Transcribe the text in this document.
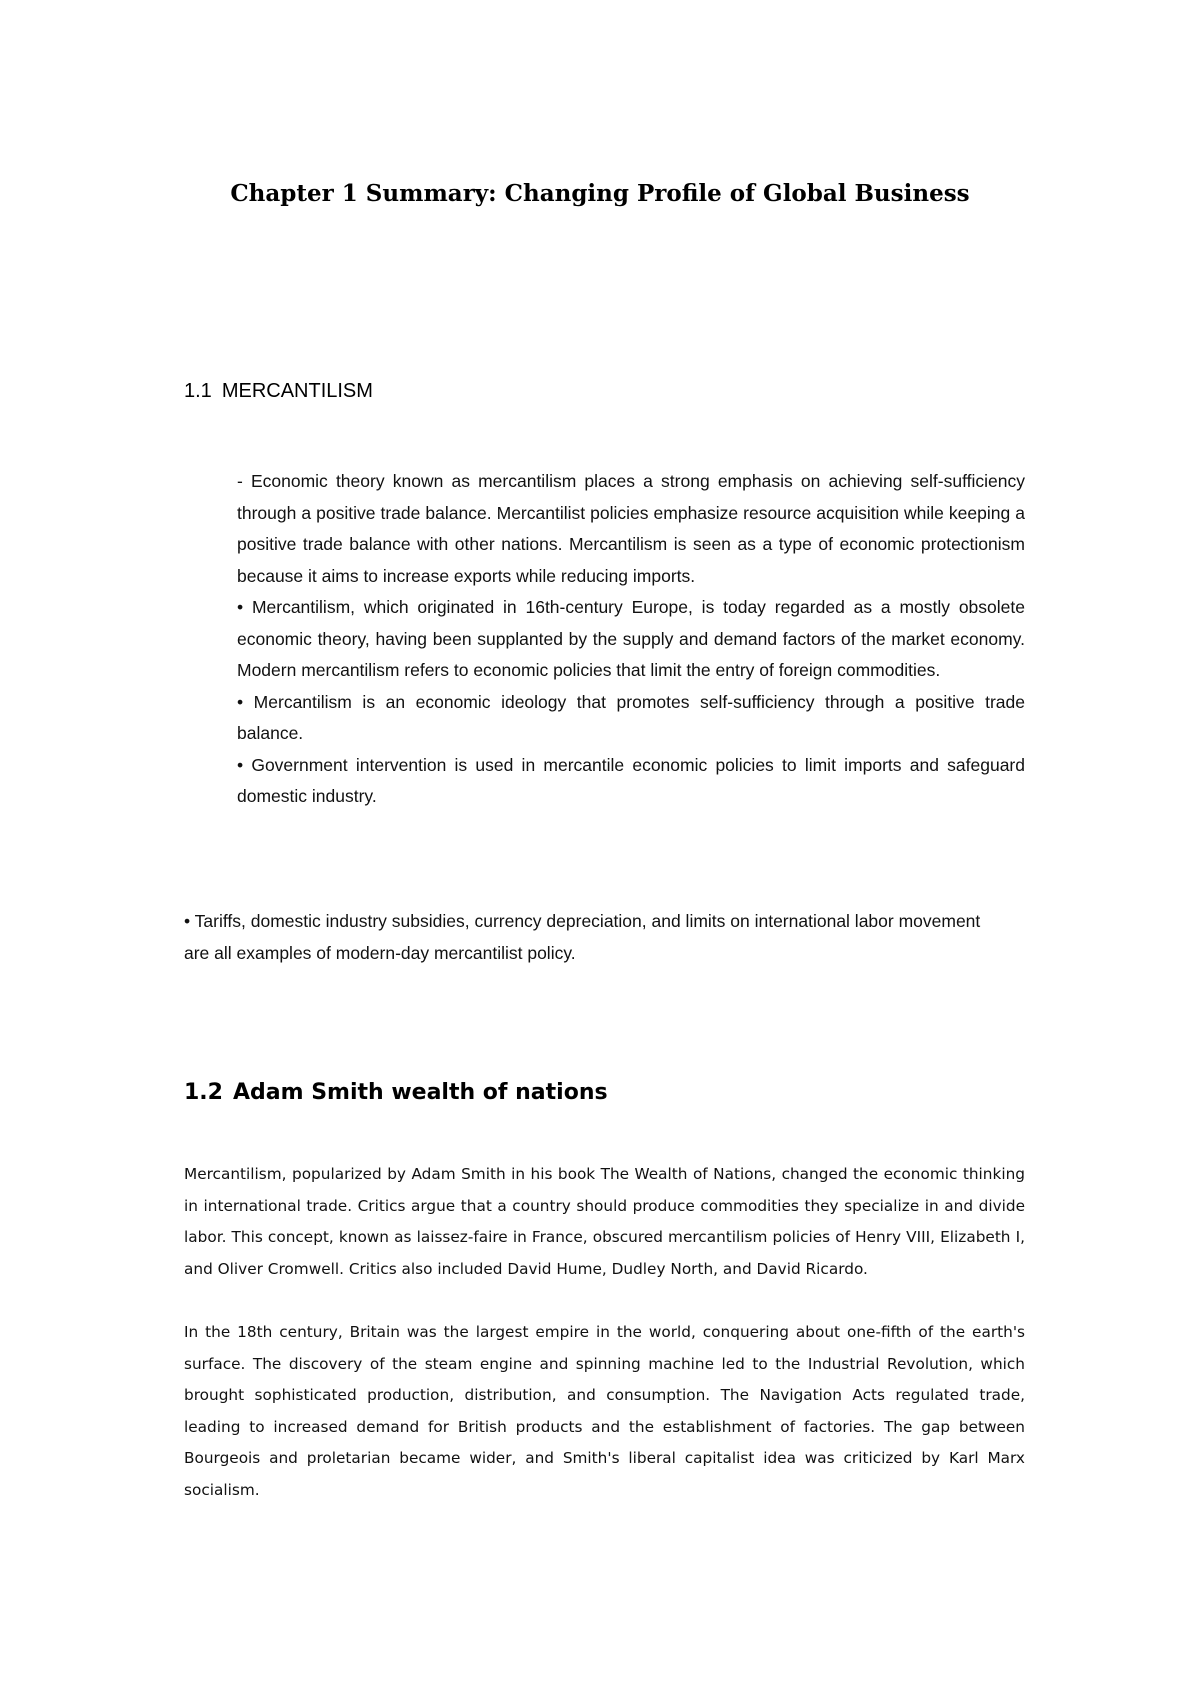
Chapter 1 Summary: Changing Profile of Global Business
1.1 MERCANTILISM

- Economic theory known as mercantilism places a strong emphasis on achieving self-sufficiency through a positive trade balance. Mercantilist policies emphasize resource acquisition while keeping a positive trade balance with other nations. Mercantilism is seen as a type of economic protectionism because it aims to increase exports while reducing imports.

• Mercantilism, which originated in 16th-century Europe, is today regarded as a mostly obsolete economic theory, having been supplanted by the supply and demand factors of the market economy. Modern mercantilism refers to economic policies that limit the entry of foreign commodities.

• Mercantilism is an economic ideology that promotes self-sufficiency through a positive trade balance.

• Government intervention is used in mercantile economic policies to limit imports and safeguard domestic industry.

• Tariffs, domestic industry subsidies, currency depreciation, and limits on international labor movement are all examples of modern-day mercantilist policy.

1.2 Adam Smith wealth of nations

Mercantilism, popularized by Adam Smith in his book The Wealth of Nations, changed the economic thinking in international trade. Critics argue that a country should produce commodities they specialize in and divide labor. This concept, known as laissez-faire in France, obscured mercantilism policies of Henry VIII, Elizabeth I, and Oliver Cromwell. Critics also included David Hume, Dudley North, and David Ricardo.

In the 18th century, Britain was the largest empire in the world, conquering about one-fifth of the earth's surface. The discovery of the steam engine and spinning machine led to the Industrial Revolution, which brought sophisticated production, distribution, and consumption. The Navigation Acts regulated trade, leading to increased demand for British products and the establishment of factories. The gap between Bourgeois and proletarian became wider, and Smith's liberal capitalist idea was criticized by Karl Marx socialism.
